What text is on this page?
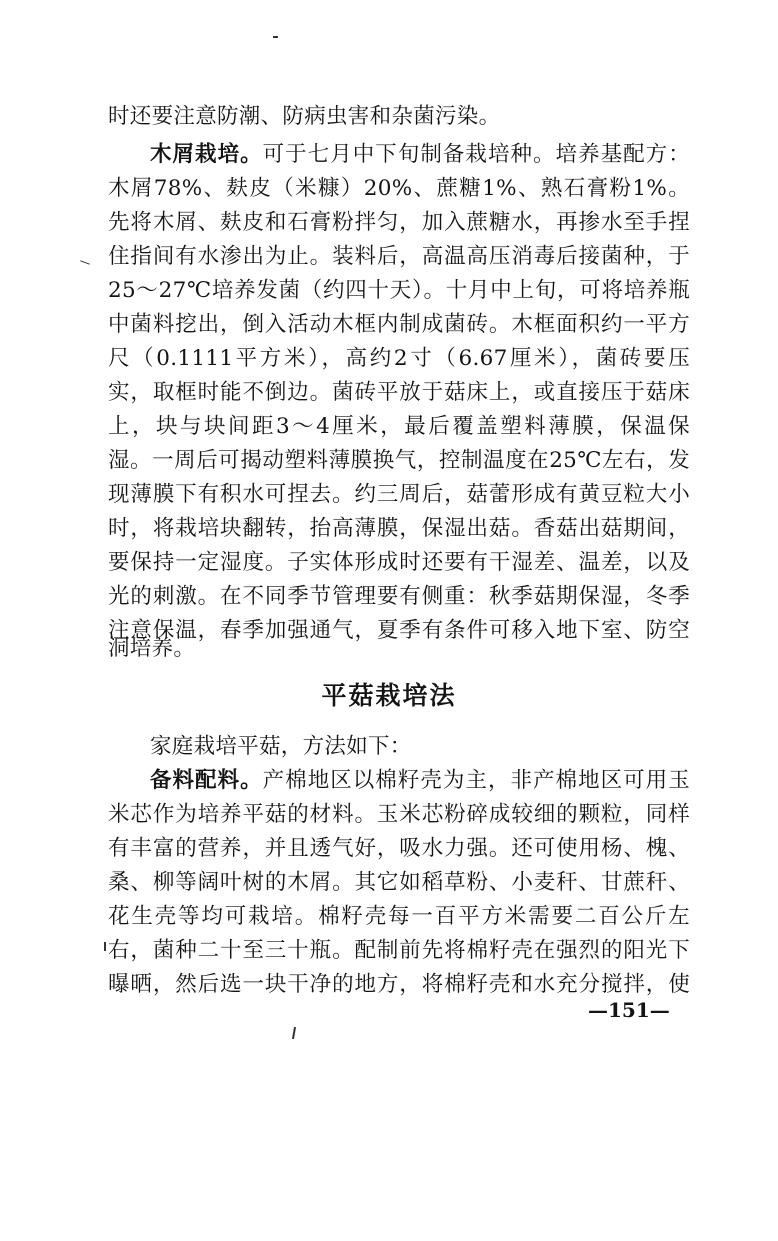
时还要注意防潮、防病虫害和杂菌污染。
木屑栽培。可于七月中下旬制备栽培种。培养基配方：
木屑78%、麸皮（米糠）20%、蔗糖1%、熟石膏粉1%。
先将木屑、麸皮和石膏粉拌匀，加入蔗糖水，再掺水至手捏
住指间有水渗出为止。装料后，高温高压消毒后接菌种，于
25～27℃培养发菌（约四十天）。十月中上旬，可将培养瓶
中菌料挖出，倒入活动木框内制成菌砖。木框面积约一平方
尺（0.1111平方米），高约2寸（6.67厘米），菌砖要压
实，取框时能不倒边。菌砖平放于菇床上，或直接压于菇床
上，块与块间距3～4厘米，最后覆盖塑料薄膜，保温保
湿。一周后可揭动塑料薄膜换气，控制温度在25℃左右，发
现薄膜下有积水可捏去。约三周后，菇蕾形成有黄豆粒大小
时，将栽培块翻转，抬高薄膜，保湿出菇。香菇出菇期间，
要保持一定湿度。子实体形成时还要有干湿差、温差，以及
光的刺激。在不同季节管理要有侧重：秋季菇期保湿，冬季
注意保温，春季加强通气，夏季有条件可移入地下室、防空
洞培养。
平菇栽培法
家庭栽培平菇，方法如下：
备料配料。产棉地区以棉籽壳为主，非产棉地区可用玉
米芯作为培养平菇的材料。玉米芯粉碎成较细的颗粒，同样
有丰富的营养，并且透气好，吸水力强。还可使用杨、槐、
桑、柳等阔叶树的木屑。其它如稻草粉、小麦秆、甘蔗秆、
花生壳等均可栽培。棉籽壳每一百平方米需要二百公斤左
右，菌种二十至三十瓶。配制前先将棉籽壳在强烈的阳光下
曝晒，然后选一块干净的地方，将棉籽壳和水充分搅拌，使
—151—
